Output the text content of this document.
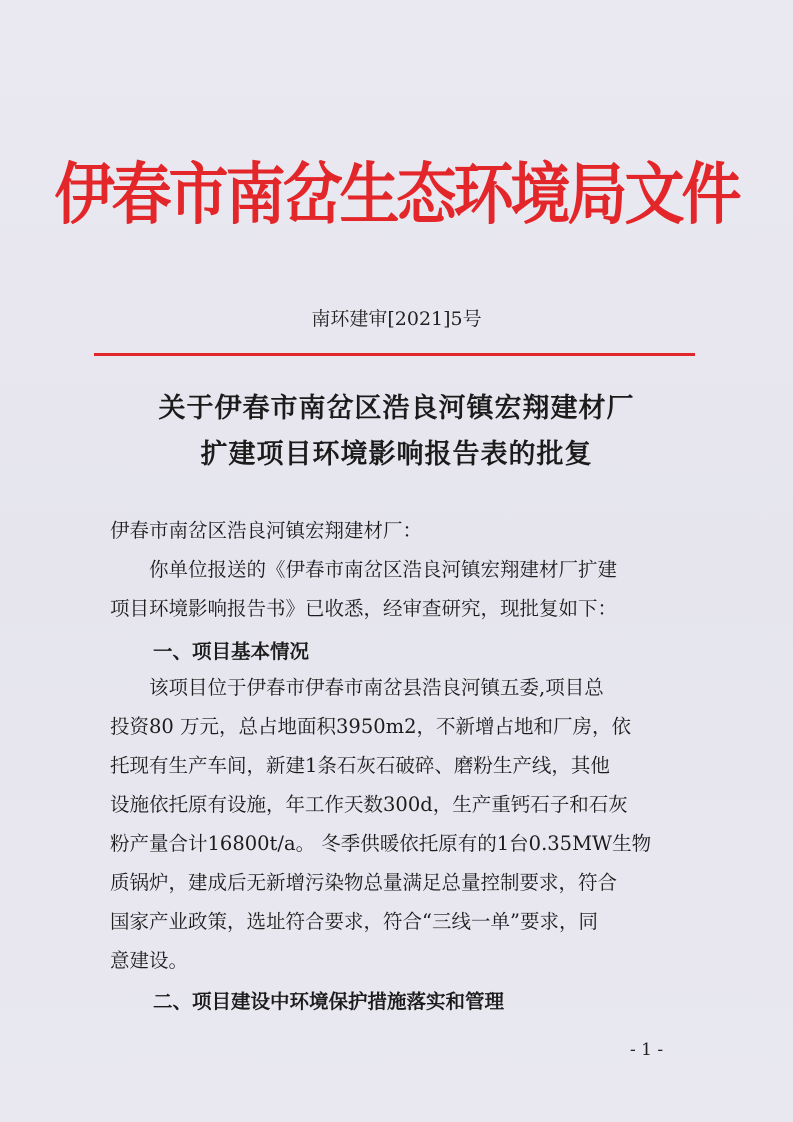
伊春市南岔生态环境局文件
南环建审[2021]5号
关于伊春市南岔区浩良河镇宏翔建材厂
扩建项目环境影响报告表的批复
伊春市南岔区浩良河镇宏翔建材厂：
　　你单位报送的《伊春市南岔区浩良河镇宏翔建材厂扩建
项目环境影响报告书》已收悉，经审查研究，现批复如下：
一、项目基本情况
　　该项目位于伊春市伊春市南岔县浩良河镇五委,项目总
投资80 万元，总占地面积3950m2，不新增占地和厂房，依
托现有生产车间，新建1条石灰石破碎、磨粉生产线，其他
设施依托原有设施，年工作天数300d，生产重钙石子和石灰
粉产量合计16800t/a。 冬季供暖依托原有的1台0.35MW生物
质锅炉，建成后无新增污染物总量满足总量控制要求，符合
国家产业政策，选址符合要求，符合“三线一单”要求，同
意建设。
二、项目建设中环境保护措施落实和管理
- 1 -
